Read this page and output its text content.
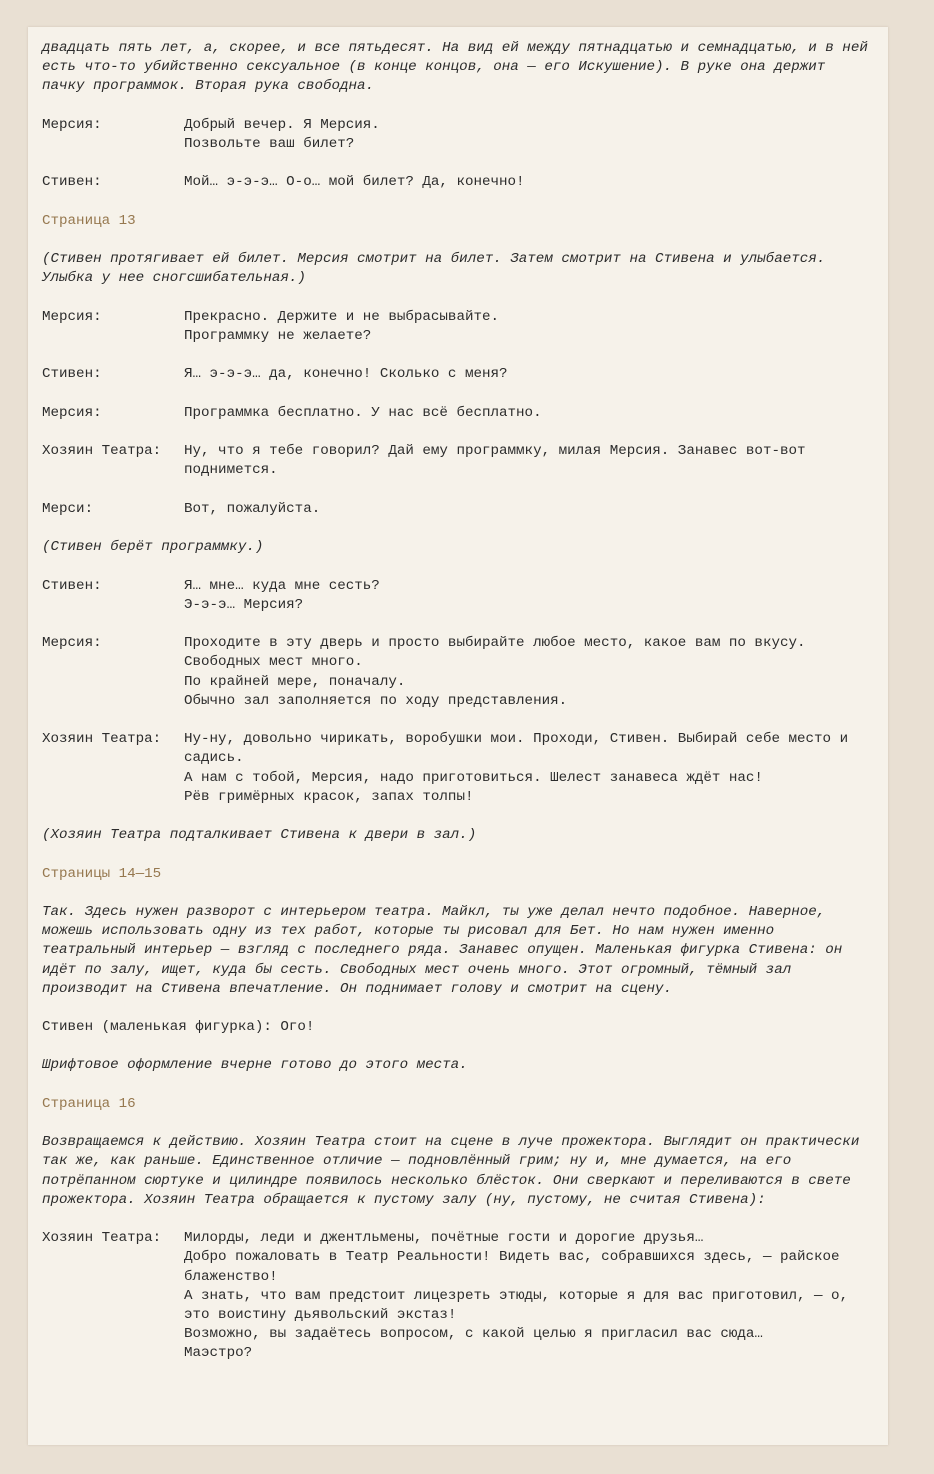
двадцать пять лет, а, скорее, и все пятьдесят. На вид ей между пятнадцатью и семнадцатью, и в ней есть что-то убийственно сексуальное (в конце концов, она — его Искушение). В руке она держит пачку программок. Вторая рука свободна.
Мерсия:	Добрый вечер. Я Мерсия.
Позвольте ваш билет?
Стивен:	Мой… э-э-э… О-о… мой билет? Да, конечно!
Страница 13
(Стивен протягивает ей билет. Мерсия смотрит на билет. Затем смотрит на Стивена и улыбается. Улыбка у нее сногсшибательная.)
Мерсия:	Прекрасно. Держите и не выбрасывайте.
Программку не желаете?
Стивен:	Я… э-э-э… да, конечно! Сколько с меня?
Мерсия:	Программка бесплатно. У нас всё бесплатно.
Хозяин Театра:	Ну, что я тебе говорил? Дай ему программку, милая Мерсия. Занавес вот-вот поднимется.
Мерси:	Вот, пожалуйста.
(Стивен берёт программку.)
Стивен:	Я… мне… куда мне сесть?
Э-э-э… Мерсия?
Мерсия:	Проходите в эту дверь и просто выбирайте любое место, какое вам по вкусу.
Свободных мест много.
По крайней мере, поначалу.
Обычно зал заполняется по ходу представления.
Хозяин Театра:	Ну-ну, довольно чирикать, воробушки мои. Проходи, Стивен. Выбирай себе место и садись.
А нам с тобой, Мерсия, надо приготовиться. Шелест занавеса ждёт нас!
Рёв гримёрных красок, запах толпы!
(Хозяин Театра подталкивает Стивена к двери в зал.)
Страницы 14—15
Так. Здесь нужен разворот с интерьером театра. Майкл, ты уже делал нечто подобное. Наверное, можешь использовать одну из тех работ, которые ты рисовал для Бет. Но нам нужен именно театральный интерьер — взгляд с последнего ряда. Занавес опущен. Маленькая фигурка Стивена: он идёт по залу, ищет, куда бы сесть. Свободных мест очень много. Этот огромный, тёмный зал производит на Стивена впечатление. Он поднимает голову и смотрит на сцену.
Стивен (маленькая фигурка): Ого!
Шрифтовое оформление вчерне готово до этого места.
Страница 16
Возвращаемся к действию. Хозяин Театра стоит на сцене в луче прожектора. Выглядит он практически так же, как раньше. Единственное отличие — подновлённый грим; ну и, мне думается, на его потрёпанном сюртуке и цилиндре появилось несколько блёсток. Они сверкают и переливаются в свете прожектора. Хозяин Театра обращается к пустому залу (ну, пустому, не считая Стивена):
Хозяин Театра:	Милорды, леди и джентльмены, почётные гости и дорогие друзья…
Добро пожаловать в Театр Реальности! Видеть вас, собравшихся здесь, — райское блаженство!
А знать, что вам предстоит лицезреть этюды, которые я для вас приготовил, — о, это воистину дьявольский экстаз!
Возможно, вы задаётесь вопросом, с какой целью я пригласил вас сюда…
Маэстро?
